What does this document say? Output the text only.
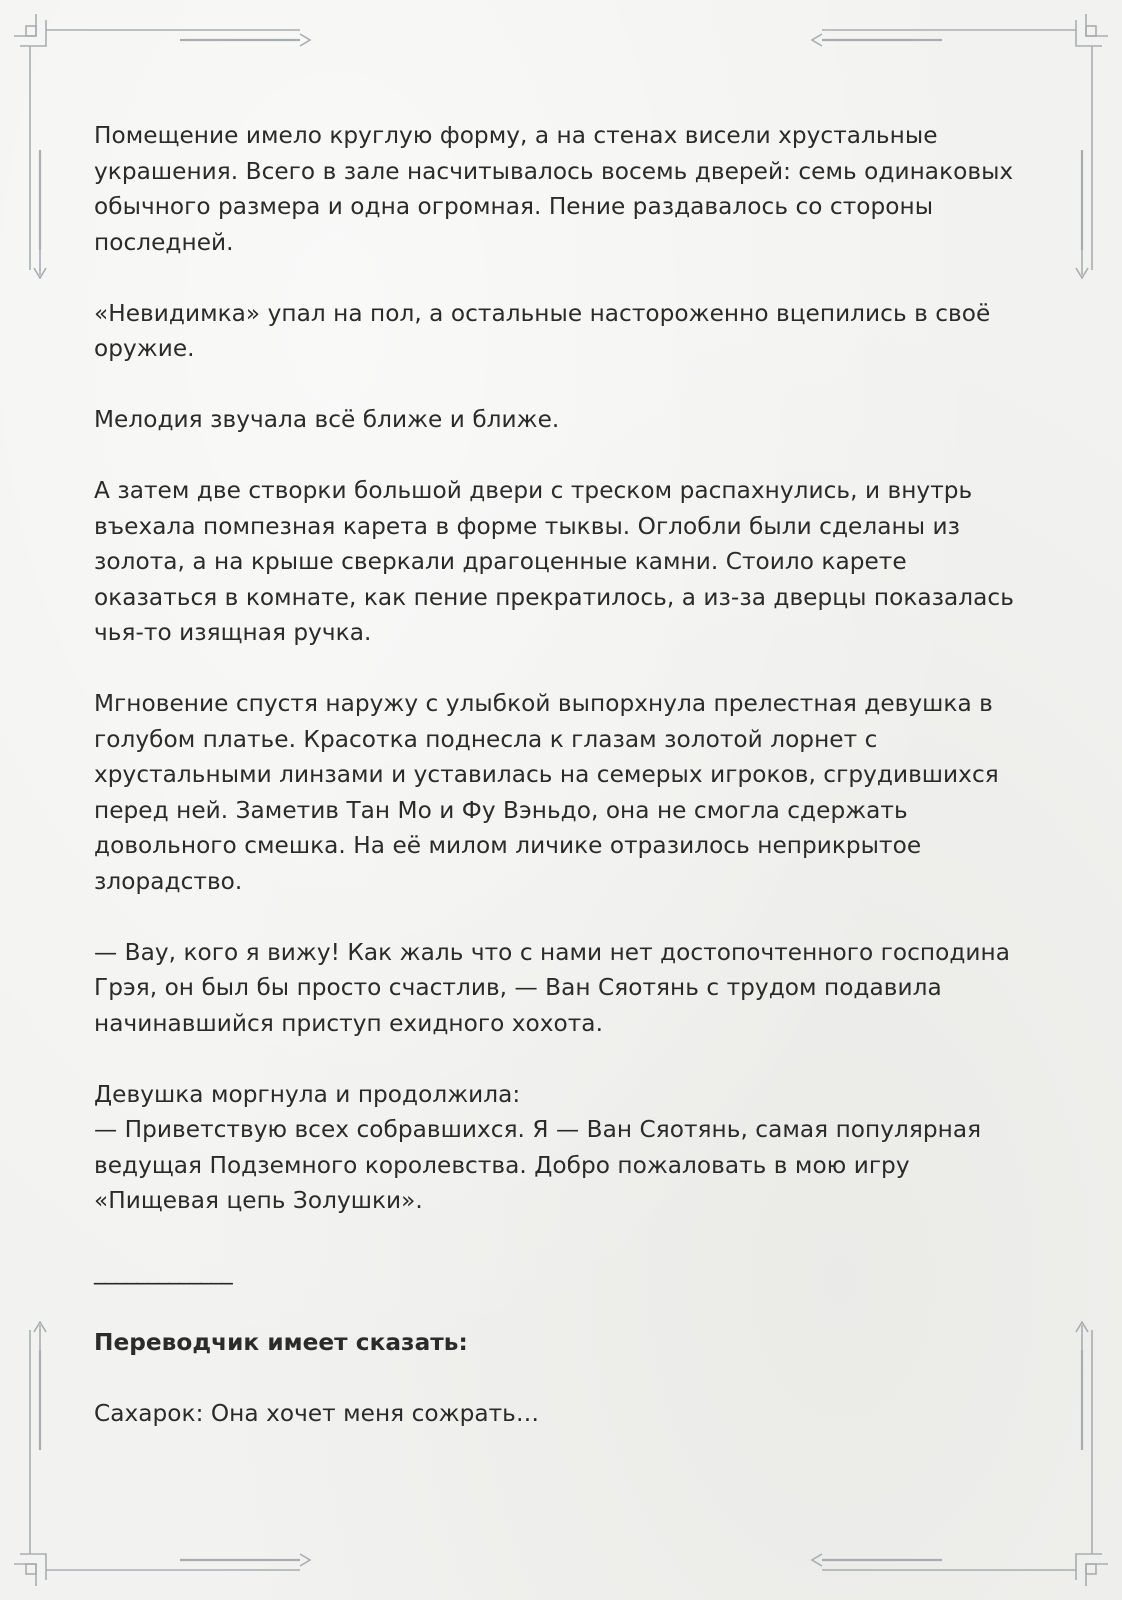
Помещение имело круглую форму, а на стенах висели хрустальные
украшения. Всего в зале насчитывалось восемь дверей: семь одинаковых
обычного размера и одна огромная. Пение раздавалось со стороны
последней.

«Невидимка» упал на пол, а остальные настороженно вцепились в своё
оружие.

Мелодия звучала всё ближе и ближе.

А затем две створки большой двери с треском распахнулись, и внутрь
въехала помпезная карета в форме тыквы. Оглобли были сделаны из
золота, а на крыше сверкали драгоценные камни. Стоило карете
оказаться в комнате, как пение прекратилось, а из-за дверцы показалась
чья-то изящная ручка.

Мгновение спустя наружу с улыбкой выпорхнула прелестная девушка в
голубом платье. Красотка поднесла к глазам золотой лорнет с
хрустальными линзами и уставилась на семерых игроков, сгрудившихся
перед ней. Заметив Тан Мо и Фу Вэньдо, она не смогла сдержать
довольного смешка. На её милом личике отразилось неприкрытое
злорадство.

— Вау, кого я вижу! Как жаль что с нами нет достопочтенного господина
Грэя, он был бы просто счастлив, — Ван Сяотянь с трудом подавила
начинавшийся приступ ехидного хохота.

Девушка моргнула и продолжила:
— Приветствую всех собравшихся. Я — Ван Сяотянь, самая популярная
ведущая Подземного королевства. Добро пожаловать в мою игру
«Пищевая цепь Золушки».

_____________

Переводчик имеет сказать:

Сахарок: Она хочет меня сожрать…
